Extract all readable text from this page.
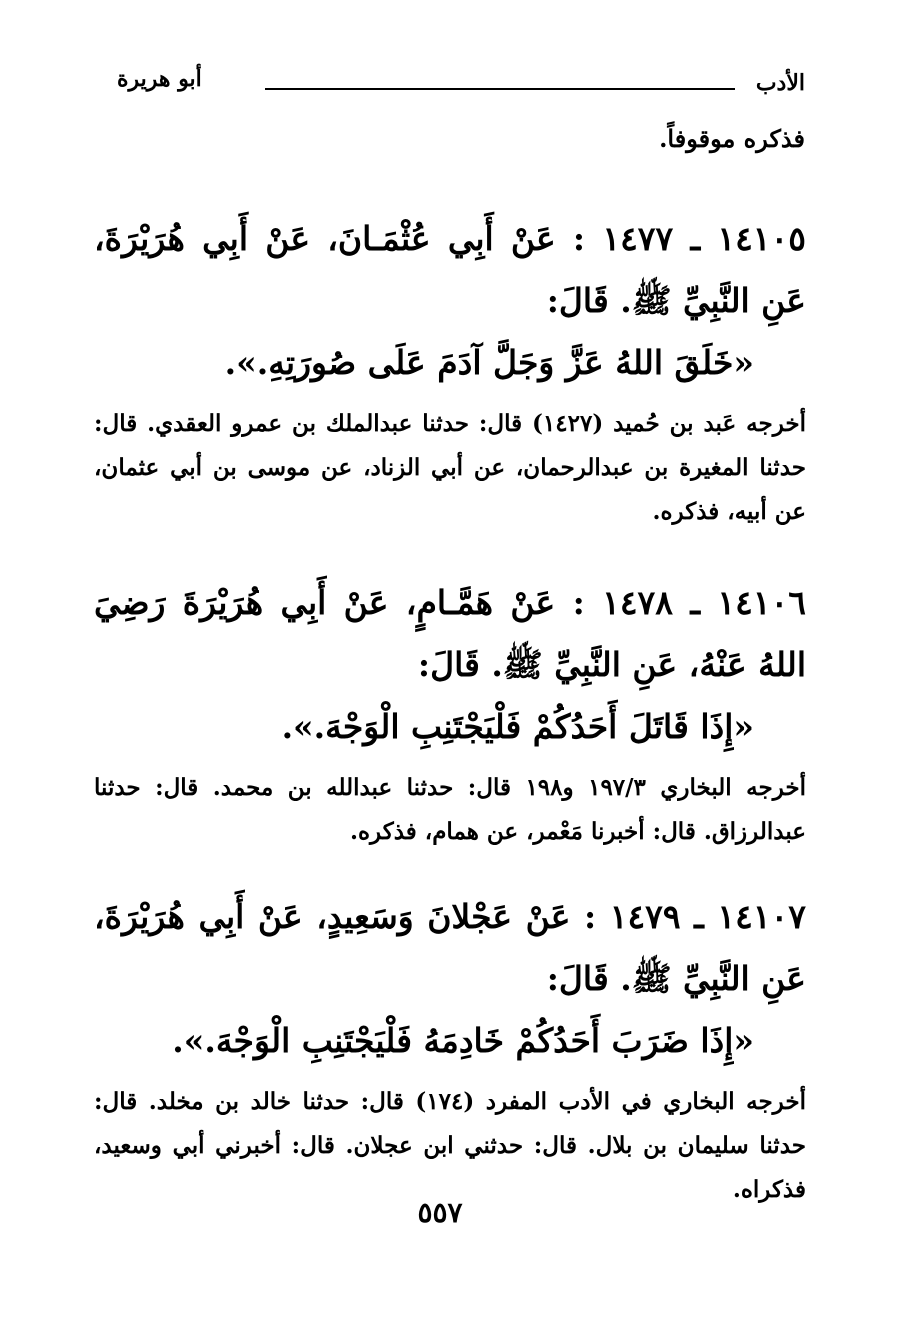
الأدب
أبو هريرة
فذكره موقوفاً.

١٤١٠٥ ـ ١٤٧٧ : عَنْ أَبِي عُثْمَـانَ، عَنْ أَبِي هُرَيْرَةَ، عَنِ النَّبِيِّ ﷺ. قَالَ:

«خَلَقَ اللهُ عَزَّ وَجَلَّ آدَمَ عَلَى صُورَتِهِ.».

أخرجه عَبد بن حُميد (١٤٢٧) قال: حدثنا عبدالملك بن عمرو العقدي. قال: حدثنا المغيرة بن عبدالرحمان، عن أبي الزناد، عن موسى بن أبي عثمان، عن أبيه، فذكره.

١٤١٠٦ ـ ١٤٧٨ : عَنْ هَمَّـامٍ، عَنْ أَبِي هُرَيْرَةَ رَضِيَ اللهُ عَنْهُ، عَنِ النَّبِيِّ ﷺ. قَالَ:

«إِذَا قَاتَلَ أَحَدُكُمْ فَلْيَجْتَنِبِ الْوَجْهَ.».

أخرجه البخاري ١٩٧/٣ و١٩٨ قال: حدثنا عبدالله بن محمد. قال: حدثنا عبدالرزاق. قال: أخبرنا مَعْمر، عن همام، فذكره.

١٤١٠٧ ـ ١٤٧٩ : عَنْ عَجْلانَ وَسَعِيدٍ، عَنْ أَبِي هُرَيْرَةَ، عَنِ النَّبِيِّ ﷺ. قَالَ:

«إِذَا ضَرَبَ أَحَدُكُمْ خَادِمَهُ فَلْيَجْتَنِبِ الْوَجْهَ.».

أخرجه البخاري في الأدب المفرد (١٧٤) قال: حدثنا خالد بن مخلد. قال: حدثنا سليمان بن بلال. قال: حدثني ابن عجلان. قال: أخبرني أبي وسعيد، فذكراه.

٥٥٧
